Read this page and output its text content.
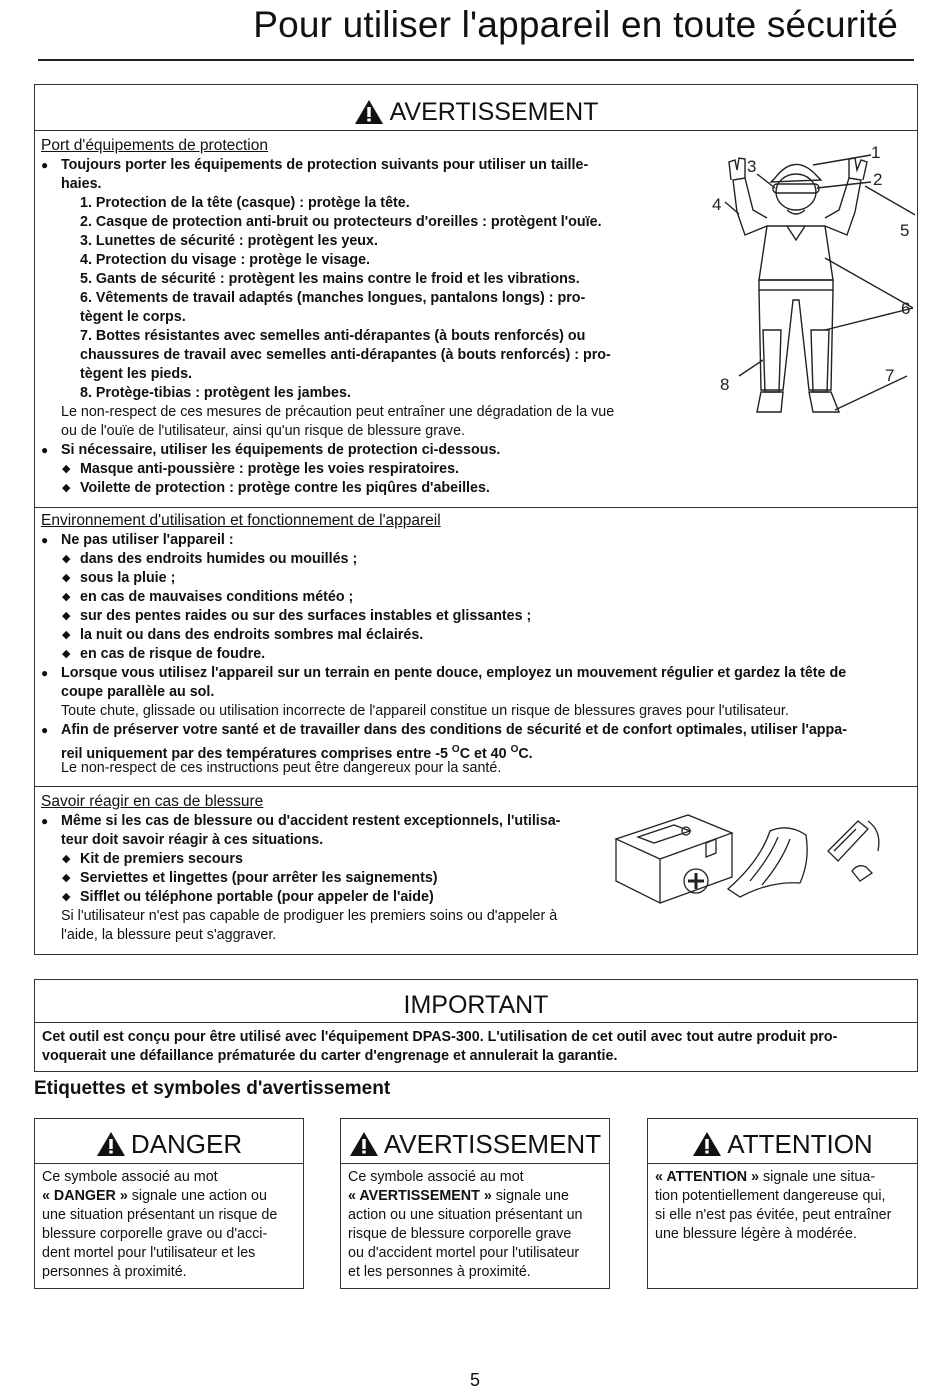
Pour utiliser l'appareil en toute sécurité
AVERTISSEMENT
Port d'équipements de protection
● Toujours porter les équipements de protection suivants pour utiliser un taille-
haies.
1. Protection de la tête (casque) : protège la tête.
2. Casque de protection anti-bruit ou protecteurs d'oreilles : protègent l'ouïe.
3. Lunettes de sécurité : protègent les yeux.
4. Protection du visage : protège le visage.
5. Gants de sécurité : protègent les mains contre le froid et les vibrations.
6. Vêtements de travail adaptés (manches longues, pantalons longs) : pro-
tègent le corps.
7. Bottes résistantes avec semelles anti-dérapantes (à bouts renforcés) ou
chaussures de travail avec semelles anti-dérapantes (à bouts renforcés) : pro-
tègent les pieds.
8. Protège-tibias : protègent les jambes.
Le non-respect de ces mesures de précaution peut entraîner une dégradation de la vue
ou de l'ouïe de l'utilisateur, ainsi qu'un risque de blessure grave.
● Si nécessaire, utiliser les équipements de protection ci-dessous.
◆ Masque anti-poussière : protège les voies respiratoires.
◆ Voilette de protection : protège contre les piqûres d'abeilles.
1
2
3
4
5
6
7
8
Environnement d'utilisation et fonctionnement de l'appareil
● Ne pas utiliser l'appareil :
◆ dans des endroits humides ou mouillés ;
◆ sous la pluie ;
◆ en cas de mauvaises conditions météo ;
◆ sur des pentes raides ou sur des surfaces instables et glissantes ;
◆ la nuit ou dans des endroits sombres mal éclairés.
◆ en cas de risque de foudre.
● Lorsque vous utilisez l'appareil sur un terrain en pente douce, employez un mouvement régulier et gardez la tête de
coupe parallèle au sol.
Toute chute, glissade ou utilisation incorrecte de l'appareil constitue un risque de blessures graves pour l'utilisateur.
● Afin de préserver votre santé et de travailler dans des conditions de sécurité et de confort optimales, utiliser l'appa-
reil uniquement par des températures comprises entre -5 $^O$C et 40 $^O$C.
Le non-respect de ces instructions peut être dangereux pour la santé.
Savoir réagir en cas de blessure
● Même si les cas de blessure ou d'accident restent exceptionnels, l'utilisa-
teur doit savoir réagir à ces situations.
◆ Kit de premiers secours
◆ Serviettes et lingettes (pour arrêter les saignements)
◆ Sifflet ou téléphone portable (pour appeler de l'aide)
Si l'utilisateur n'est pas capable de prodiguer les premiers soins ou d'appeler à
l'aide, la blessure peut s'aggraver.
IMPORTANT
Cet outil est conçu pour être utilisé avec l'équipement DPAS-300. L'utilisation de cet outil avec tout autre produit pro-
voquerait une défaillance prématurée du carter d'engrenage et annulerait la garantie.
Etiquettes et symboles d'avertissement
DANGER
Ce symbole associé au mot
« DANGER » signale une action ou
une situation présentant un risque de
blessure corporelle grave ou d'acci-
dent mortel pour l'utilisateur et les
personnes à proximité.
AVERTISSEMENT
Ce symbole associé au mot
« AVERTISSEMENT » signale une
action ou une situation présentant un
risque de blessure corporelle grave
ou d'accident mortel pour l'utilisateur
et les personnes à proximité.
ATTENTION
« ATTENTION » signale une situa-
tion potentiellement dangereuse qui,
si elle n'est pas évitée, peut entraîner
une blessure légère à modérée.
5
